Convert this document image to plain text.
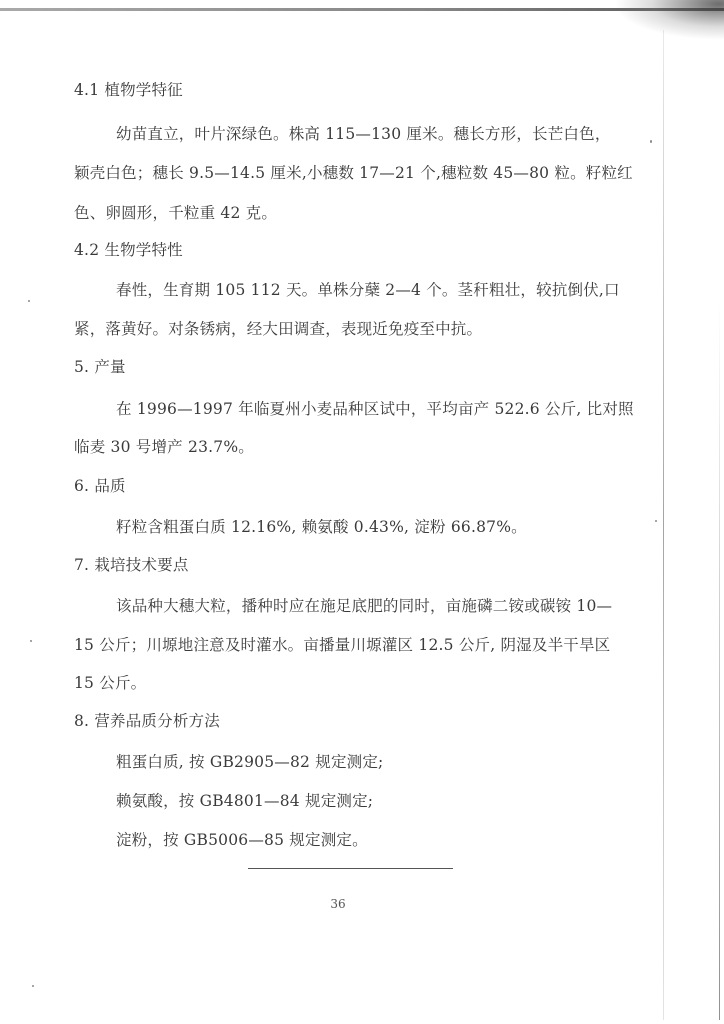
4.1 植物学特征
幼苗直立，叶片深绿色。株高 115—130 厘米。穗长方形，长芒白色，
颖壳白色；穗长 9.5—14.5 厘米,小穗数 17—21 个,穗粒数 45—80 粒。籽粒红
色、卵圆形，千粒重 42 克。
4.2 生物学特性
春性，生育期 105 112 天。单株分蘖 2—4 个。茎秆粗壮，较抗倒伏,口
紧，落黄好。对条锈病，经大田调查，表现近免疫至中抗。
5. 产量
在 1996—1997 年临夏州小麦品种区试中，平均亩产 522.6 公斤, 比对照
临麦 30 号增产 23.7%。
6. 品质
籽粒含粗蛋白质 12.16%, 赖氨酸 0.43%, 淀粉 66.87%。
7. 栽培技术要点
该品种大穗大粒，播种时应在施足底肥的同时，亩施磷二铵或碳铵 10—
15 公斤；川塬地注意及时灌水。亩播量川塬灌区 12.5 公斤, 阴湿及半干旱区
15 公斤。
8. 营养品质分析方法
粗蛋白质, 按 GB2905—82 规定测定;
赖氨酸，按 GB4801—84 规定测定;
淀粉，按 GB5006—85 规定测定。
36
